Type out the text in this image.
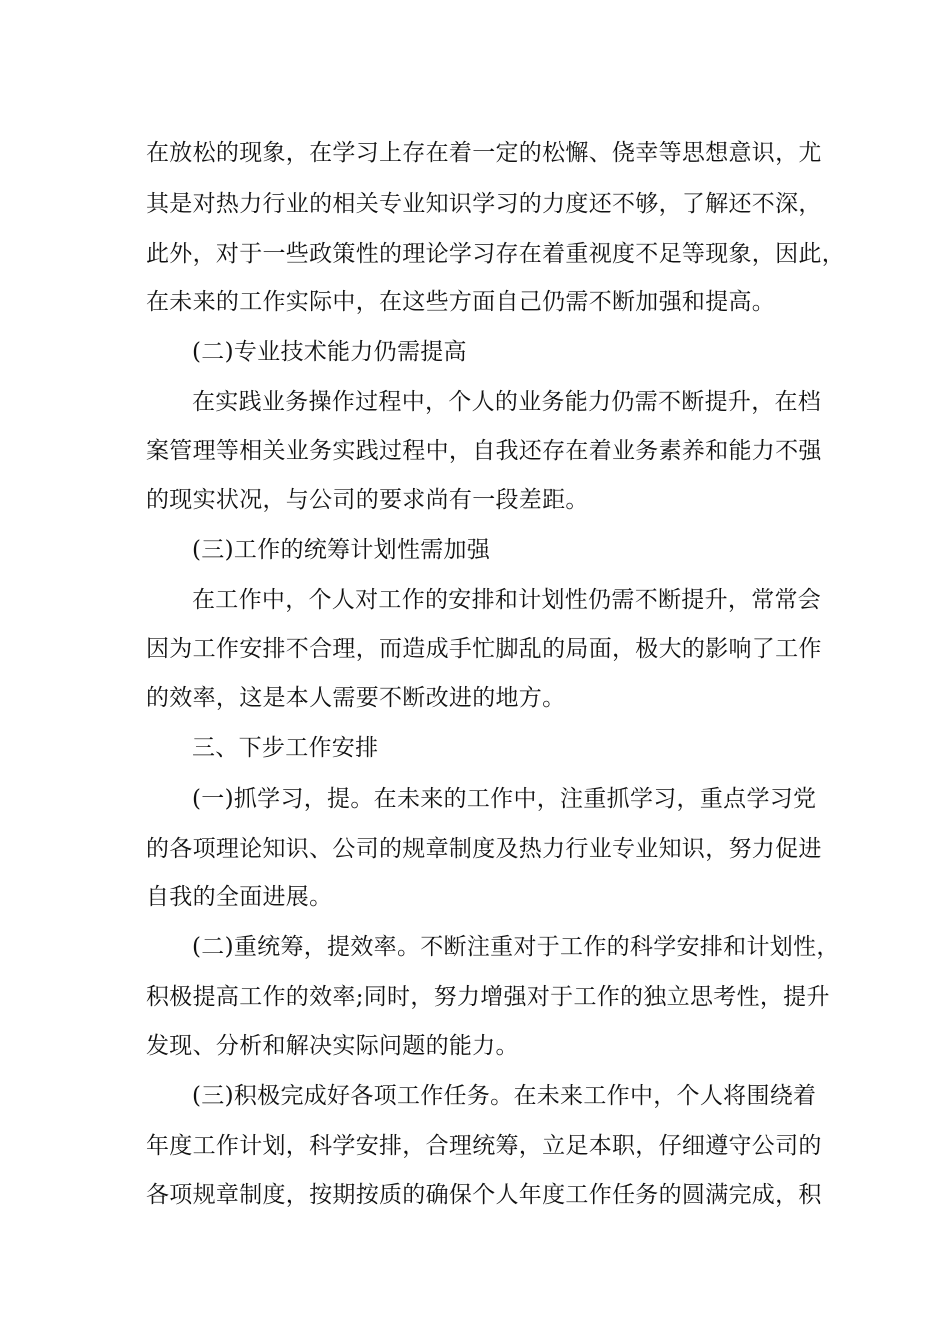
在放松的现象，在学习上存在着一定的松懈、侥幸等思想意识，尤
其是对热力行业的相关专业知识学习的力度还不够，了解还不深，
此外，对于一些政策性的理论学习存在着重视度不足等现象，因此，
在未来的工作实际中，在这些方面自己仍需不断加强和提高。
(二)专业技术能力仍需提高
在实践业务操作过程中，个人的业务能力仍需不断提升，在档
案管理等相关业务实践过程中，自我还存在着业务素养和能力不强
的现实状况，与公司的要求尚有一段差距。
(三)工作的统筹计划性需加强
在工作中，个人对工作的安排和计划性仍需不断提升，常常会
因为工作安排不合理，而造成手忙脚乱的局面，极大的影响了工作
的效率，这是本人需要不断改进的地方。
三、下步工作安排
(一)抓学习，提。在未来的工作中，注重抓学习，重点学习党
的各项理论知识、公司的规章制度及热力行业专业知识，努力促进
自我的全面进展。
(二)重统筹，提效率。不断注重对于工作的科学安排和计划性，
积极提高工作的效率;同时，努力增强对于工作的独立思考性，提升
发现、分析和解决实际问题的能力。
(三)积极完成好各项工作任务。在未来工作中，个人将围绕着
年度工作计划，科学安排，合理统筹，立足本职，仔细遵守公司的
各项规章制度，按期按质的确保个人年度工作任务的圆满完成，积
